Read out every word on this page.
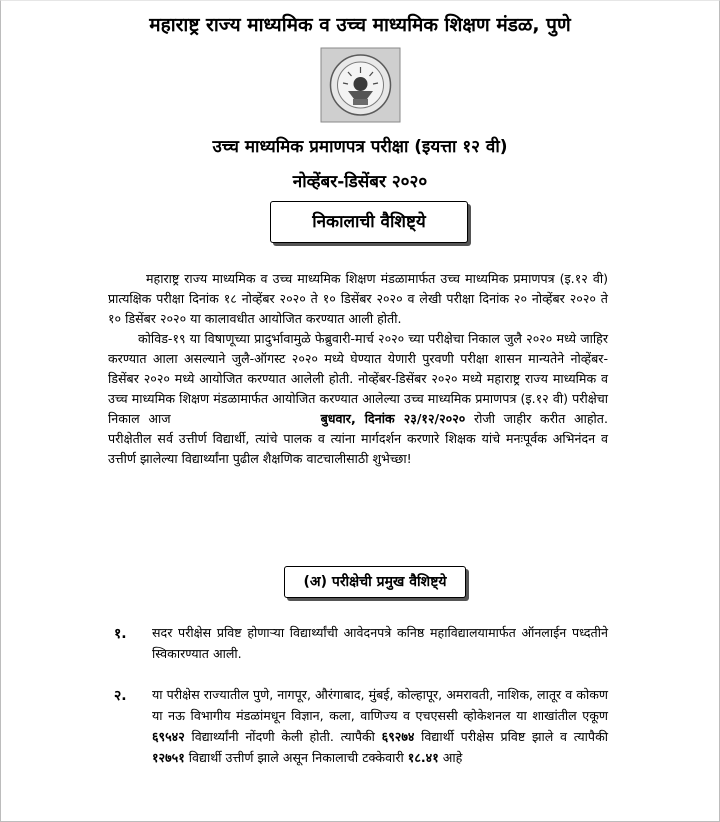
महाराष्ट्र राज्य माध्यमिक व उच्च माध्यमिक शिक्षण मंडळ, पुणे
उच्च माध्यमिक प्रमाणपत्र परीक्षा (इयत्ता १२ वी)
नोव्हेंबर-डिसेंबर २०२०
निकालाची वैशिष्ट्ये

महाराष्ट्र राज्य माध्यमिक व उच्च माध्यमिक शिक्षण मंडळामार्फत उच्च माध्यमिक प्रमाणपत्र (इ.१२ वी) प्रात्यक्षिक परीक्षा दिनांक १८ नोव्हेंबर २०२० ते १० डिसेंबर २०२० व लेखी परीक्षा दिनांक २० नोव्हेंबर २०२० ते १० डिसेंबर २०२० या कालावधीत आयोजित करण्यात आली होती.

कोविड-१९ या विषाणूच्या प्रादुर्भावामुळे फेब्रुवारी-मार्च २०२० च्या परीक्षेचा निकाल जुलै २०२० मध्ये जाहिर करण्यात आला असल्याने जुलै-ऑगस्ट २०२० मध्ये घेण्यात येणारी पुरवणी परीक्षा शासन मान्यतेने नोव्हेंबर-डिसेंबर २०२० मध्ये आयोजित करण्यात आलेली होती. नोव्हेंबर-डिसेंबर २०२० मध्ये महाराष्ट्र राज्य माध्यमिक व उच्च माध्यमिक शिक्षण मंडळामार्फत आयोजित करण्यात आलेल्या उच्च माध्यमिक प्रमाणपत्र (इ.१२ वी) परीक्षेचा निकाल आज	बुधवार, दिनांक २३/१२/२०२० रोजी जाहीर करीत आहोत. परीक्षेतील सर्व उत्तीर्ण विद्यार्थी, त्यांचे पालक व त्यांना मार्गदर्शन करणारे शिक्षक यांचे मनःपूर्वक अभिनंदन व उत्तीर्ण झालेल्या विद्यार्थ्यांना पुढील शैक्षणिक वाटचालीसाठी शुभेच्छा!

(अ) परीक्षेची प्रमुख वैशिष्ट्ये
१. सदर परीक्षेस प्रविष्ट होणाऱ्या विद्यार्थ्यांची आवेदनपत्रे कनिष्ठ महाविद्यालयामार्फत ऑनलाईन पध्दतीने स्विकारण्यात आली.
२. या परीक्षेस राज्यातील पुणे, नागपूर, औरंगाबाद, मुंबई, कोल्हापूर, अमरावती, नाशिक, लातूर व कोकण या नऊ विभागीय मंडळांमधून विज्ञान, कला, वाणिज्य व एचएससी व्होकेशनल या शाखांतील एकूण ६९५४२ विद्यार्थ्यांनी नोंदणी केली होती. त्यापैकी ६९२७४ विद्यार्थी परीक्षेस प्रविष्ट झाले व त्यापैकी १२७५१ विद्यार्थी उत्तीर्ण झाले असून निकालाची टक्केवारी १८.४१ आहे
